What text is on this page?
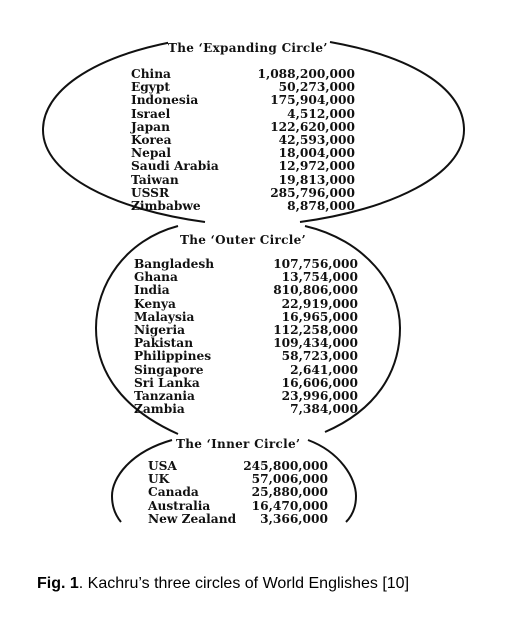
The ‘Expanding Circle’
China	1,088,200,000
Egypt	50,273,000
Indonesia	175,904,000
Israel	4,512,000
Japan	122,620,000
Korea	42,593,000
Nepal	18,004,000
Saudi Arabia	12,972,000
Taiwan	19,813,000
USSR	285,796,000
Zimbabwe	8,878,000
The ‘Outer Circle’
Bangladesh	107,756,000
Ghana	13,754,000
India	810,806,000
Kenya	22,919,000
Malaysia	16,965,000
Nigeria	112,258,000
Pakistan	109,434,000
Philippines	58,723,000
Singapore	2,641,000
Sri Lanka	16,606,000
Tanzania	23,996,000
Zambia	7,384,000
The ‘Inner Circle’
USA	245,800,000
UK	57,006,000
Canada	25,880,000
Australia	16,470,000
New Zealand 3,366,000
Fig. 1. Kachru’s three circles of World Englishes [10]
